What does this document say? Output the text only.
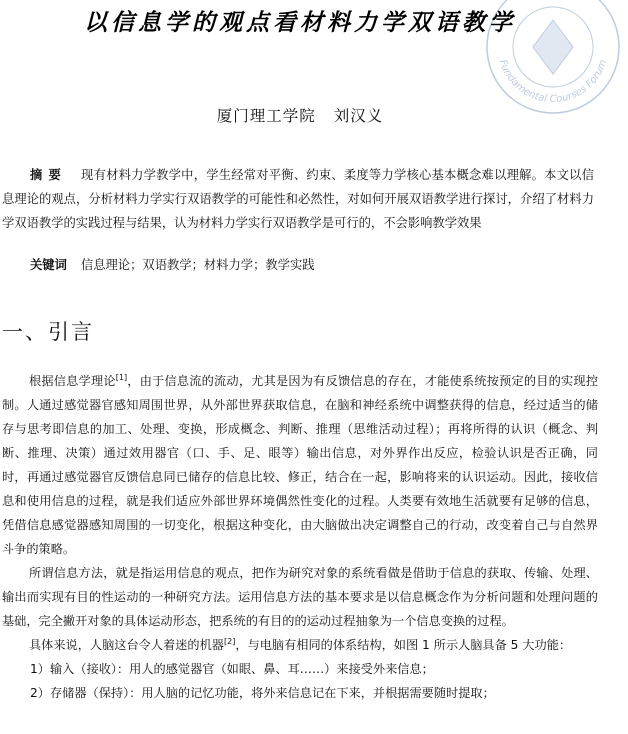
Fundamental Courses Forum
以信息学的观点看材料力学双语教学
厦门理工学院 刘汉义
摘要 现有材料力学教学中，学生经常对平衡、约束、柔度等力学核心基本概念难以理解。本文以信息理论的观点，分析材料力学实行双语教学的可能性和必然性，对如何开展双语教学进行探讨，介绍了材料力学双语教学的实践过程与结果，认为材料力学实行双语教学是可行的，不会影响教学效果
关键词 信息理论；双语教学；材料力学；教学实践
一、引言

根据信息学理论[1]，由于信息流的流动，尤其是因为有反馈信息的存在，才能使系统按预定的目的实现控制。人通过感觉器官感知周围世界，从外部世界获取信息，在脑和神经系统中调整获得的信息，经过适当的储存与思考即信息的加工、处理、变换，形成概念、判断、推理（思维活动过程）；再将所得的认识（概念、判断、推理、决策）通过效用器官（口、手、足、眼等）输出信息，对外界作出反应，检验认识是否正确，同时，再通过感觉器官反馈信息同已储存的信息比较、修正，结合在一起，影响将来的认识运动。因此，接收信息和使用信息的过程，就是我们适应外部世界环境偶然性变化的过程。人类要有效地生活就要有足够的信息，凭借信息感觉器感知周围的一切变化，根据这种变化，由大脑做出决定调整自己的行动，改变着自己与自然界斗争的策略。

所谓信息方法，就是指运用信息的观点，把作为研究对象的系统看做是借助于信息的获取、传输、处理、输出而实现有目的性运动的一种研究方法。运用信息方法的基本要求是以信息概念作为分析问题和处理问题的基础，完全撇开对象的具体运动形态，把系统的有目的的运动过程抽象为一个信息变换的过程。

具体来说，人脑这台令人着迷的机器[2]，与电脑有相同的体系结构，如图 1 所示人脑具备 5 大功能：

1）输入（接收）：用人的感觉器官（如眼、鼻、耳……）来接受外来信息；

2）存储器（保持）：用人脑的记忆功能，将外来信息记在下来，并根据需要随时提取；
